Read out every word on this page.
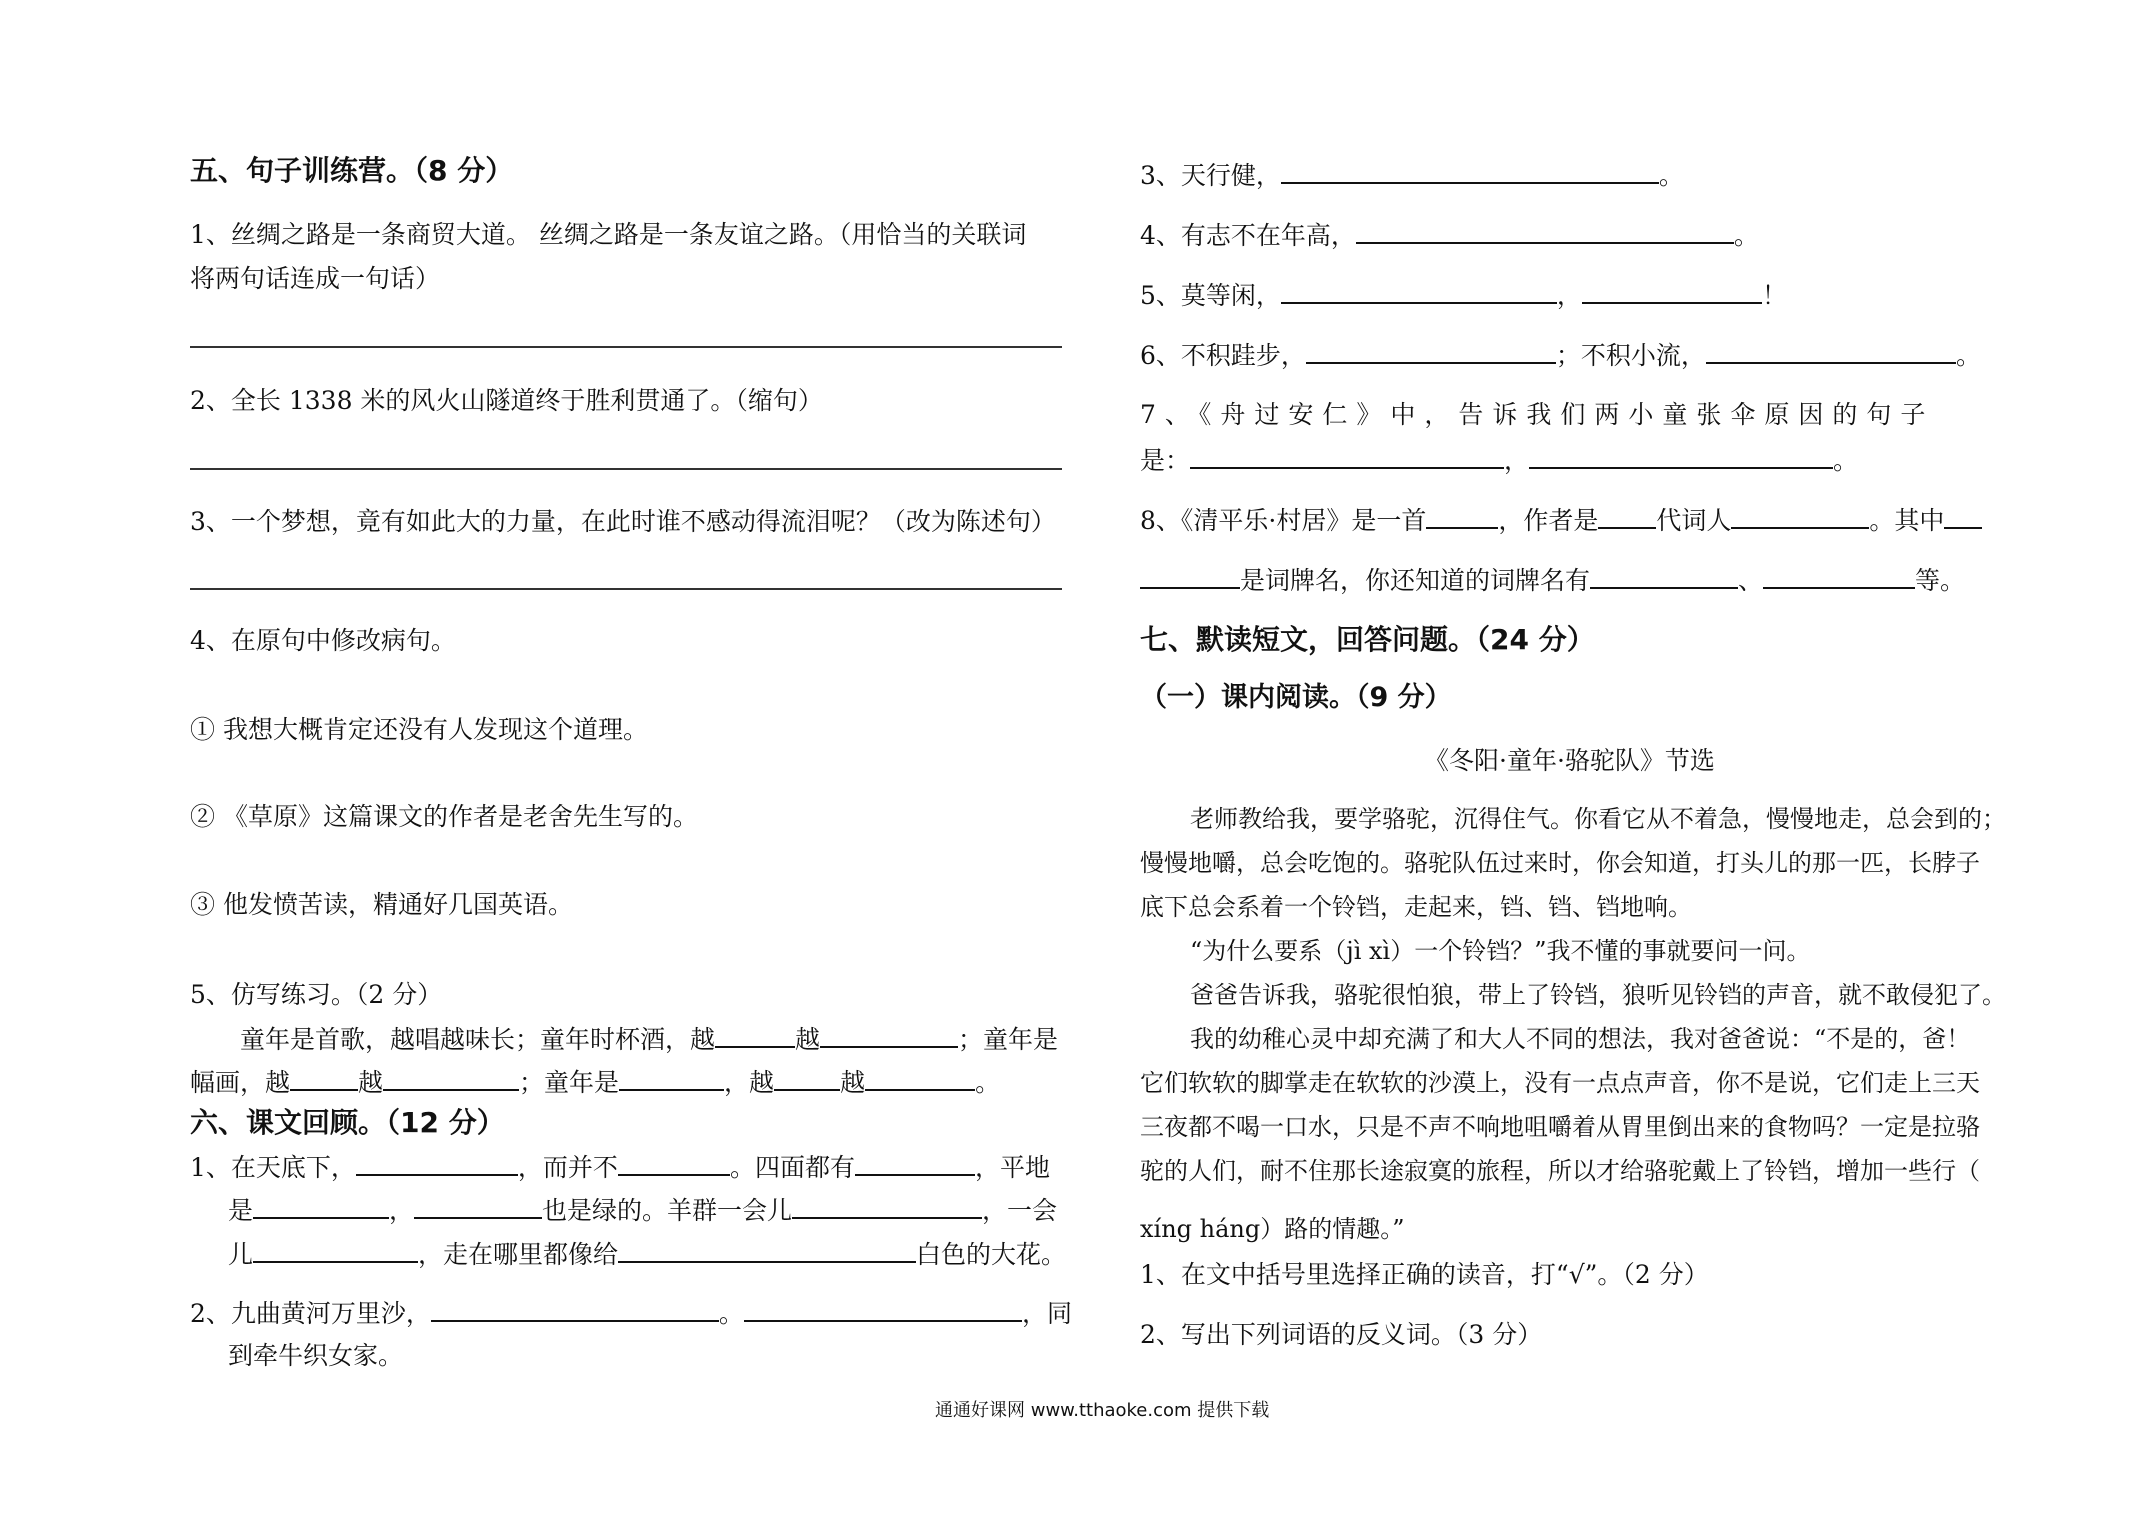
五、句子训练营。（8 分）
1、丝绸之路是一条商贸大道。 丝绸之路是一条友谊之路。（用恰当的关联词
将两句话连成一句话）
2、全长 1338 米的风火山隧道终于胜利贯通了。（缩句）
3、一个梦想，竟有如此大的力量，在此时谁不感动得流泪呢？（改为陈述句）
4、在原句中修改病句。
① 我想大概肯定还没有人发现这个道理。
② 《草原》这篇课文的作者是老舍先生写的。
③ 他发愤苦读，精通好几国英语。
5、仿写练习。（2 分）
童年是首歌，越唱越味长；童年时杯酒，越	越	；童年是
幅画，越	越	；童年是	，越	越	。
六、课文回顾。（12 分）
1、在天底下，	，而并不	。四面都有	，平地
是	，	也是绿的。羊群一会儿	，一会
儿	，走在哪里都像给	白色的大花。
2、九曲黄河万里沙，	。	，同
到牵牛织女家。
3、天行健，	。
4、有志不在年高，	。
5、莫等闲，	，	！
6、不积跬步，	；不积小流，	。
7、《舟过安仁》中，告诉我们两小童张伞原因的句子
是：	，	。
8、《清平乐·村居》是一首	，作者是 代词人	。其中
是词牌名，你还知道的词牌名有	、	等。
七、默读短文，回答问题。（24 分）
（一）课内阅读。（9 分）
《冬阳·童年·骆驼队》节选
老师教给我，要学骆驼，沉得住气。你看它从不着急，慢慢地走，总会到的；
慢慢地嚼，总会吃饱的。骆驼队伍过来时，你会知道，打头儿的那一匹，长脖子
底下总会系着一个铃铛，走起来，铛、铛、铛地响。
“为什么要系（jì xì）一个铃铛？”我不懂的事就要问一问。
爸爸告诉我，骆驼很怕狼，带上了铃铛，狼听见铃铛的声音，就不敢侵犯了。
我的幼稚心灵中却充满了和大人不同的想法，我对爸爸说：“不是的，爸！
它们软软的脚掌走在软软的沙漠上，没有一点点声音，你不是说，它们走上三天
三夜都不喝一口水，只是不声不响地咀嚼着从胃里倒出来的食物吗？一定是拉骆
驼的人们，耐不住那长途寂寞的旅程，所以才给骆驼戴上了铃铛，增加一些行（
xíng háng）路的情趣。”
1、在文中括号里选择正确的读音，打“√”。（2 分）
2、写出下列词语的反义词。（3 分）
通通好课网 www.tthaoke.com 提供下载
